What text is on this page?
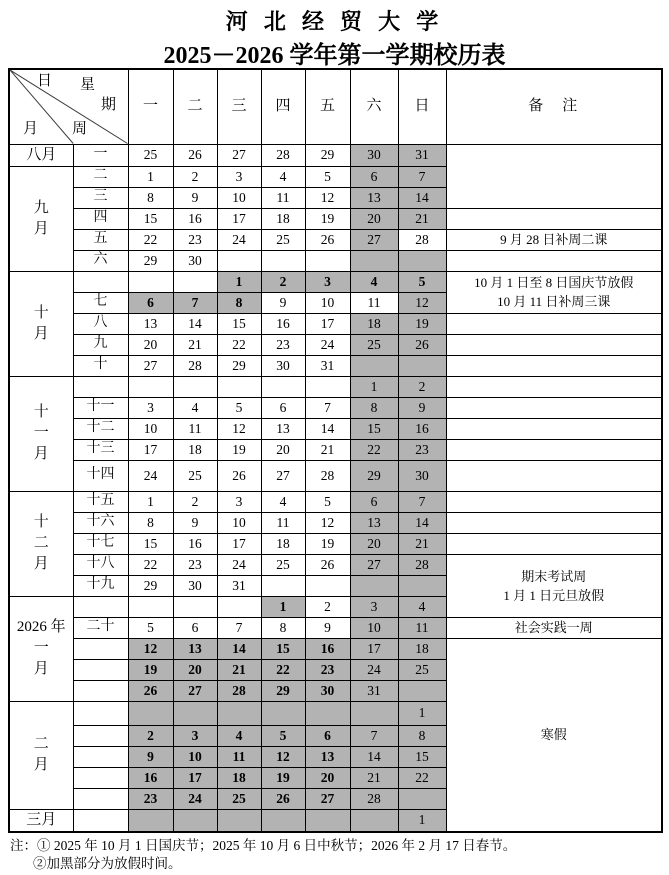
河 北 经 贸 大 学
2025－2026 学年第一学期校历表
日 星
期
月 周		一	二	三	四	五	六	日	备　注

八月	一	25	26	27	28	29	30	31	

九
月	二	1	2	3	4	5	6	7	
	三	8	9	10	11	12	13	14	
	四	15	16	17	18	19	20	21	
	五	22	23	24	25	26	27	28	9 月 28 日补周二课

	六	29	30						

十
月
				1	2	3	4	5	10 月 1 日至 8 日国庆节放假
10 月 11 日补周三课

	七	6	7	8	9	10	11	12	
	八	13	14	15	16	17	18	19	
	九	20	21	22	23	24	25	26	
	十	27	28	29	30	31			

十
一
月							1	2	
	十一	3	4	5	6	7	8	9	
	十二	10	11	12	13	14	15	16	
	十三	17	18	19	20	21	22	23	
	十四	24	25	26	27	28	29	30	

十
二
月	十五	1	2	3	4	5	6	7	
	十六	8	9	10	11	12	13	14	
	十七	15	16	17	18	19	20	21	
	十八	22	23	24	25	26	27	28	期末考试周
1 月 1 日元旦放假

	十九	29	30	31					

2026 年
一
月					1	2	3	4	
	二十	5	6	7	8	9	10	11	社会实践一周

		12	13	14	15	16	17	18	寒假

		19	20	21	22	23	24	25	
		26	27	28	29	30	31		

二
月								1	
		2	3	4	5	6	7	8	
		9	10	11	12	13	14	15	
		16	17	18	19	20	21	22	
		23	24	25	26	27	28		

三月								1	
注：① 2025 年 10 月 1 日国庆节；2025 年 10 月 6 日中秋节；2026 年 2 月 17 日春节。
②加黑部分为放假时间。
